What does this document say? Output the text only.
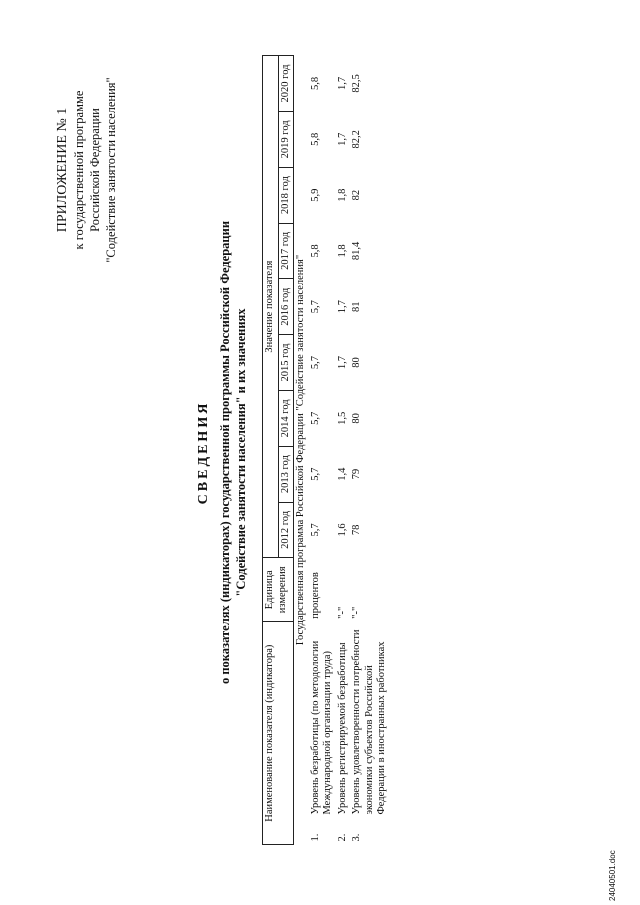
ПРИЛОЖЕНИЕ № 1 к государственной программе Российской Федерации "Содействие занятости населения"
СВЕДЕНИЯ о показателях (индикаторах) государственной программы Российской Федерации "Содействие занятости населения" и их значениях
Наименование показателя (индикатора)		Единица измерения	Значение показателя								
			2012 год	2013 год	2014 год	2015 год	2016 год	2017 год	2018 год	2019 год	2020 год
Государственная программа Российской Федерации "Содействие занятости населения"											
1.	Уровень безработицы (по методологии Международной организации труда)	процентов	5,7	5,7	5,7	5,7	5,7	5,8	5,9	5,8	5,8
2.	Уровень регистрируемой безработицы	"-"	1,6	1,4	1,5	1,7	1,7	1,8	1,8	1,7	1,7
3.	Уровень удовлетворенности потребности экономики субъектов Российской Федерации в иностранных работниках	"-"	78	79	80	80	81	81,4	82	82,2	82,5
24040501.doc
